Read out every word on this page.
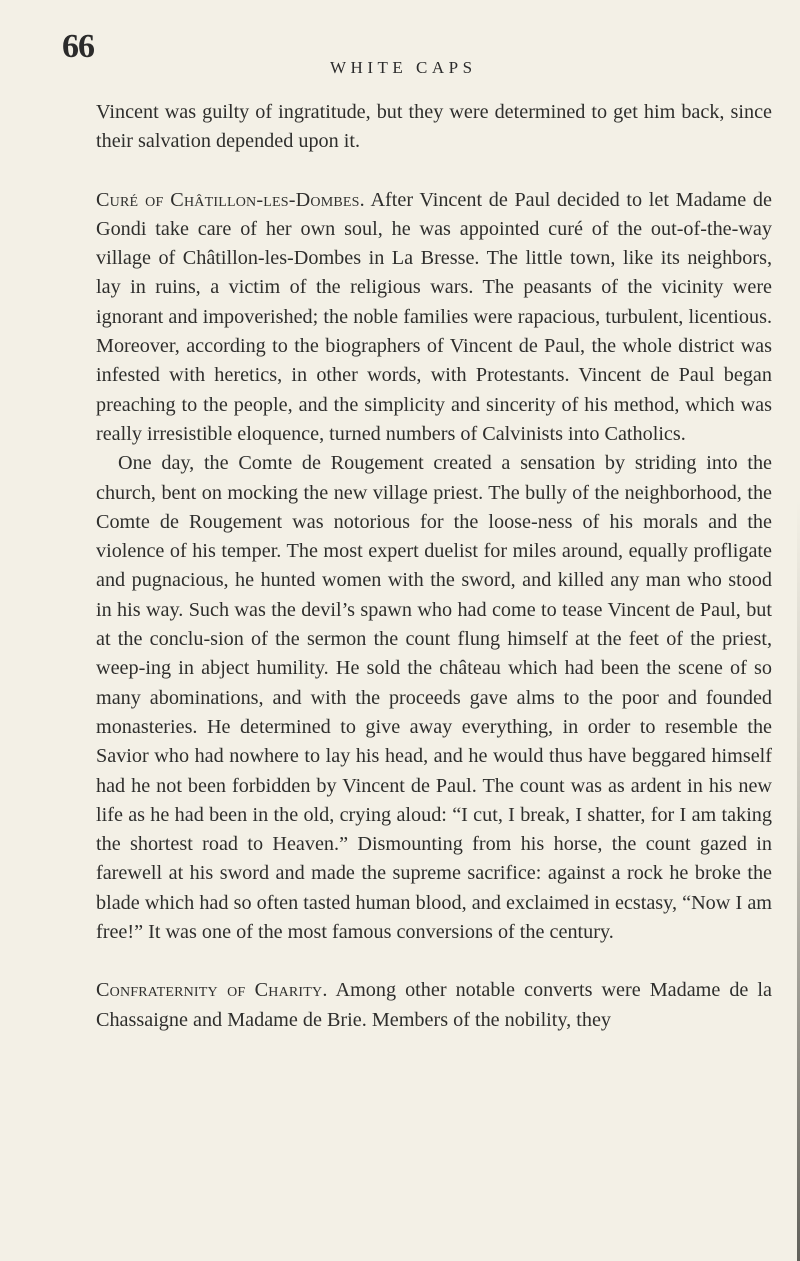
66
WHITE CAPS

Vincent was guilty of ingratitude, but they were determined to get him back, since their salvation depended upon it.

Curé of Châtillon-les-Dombes. After Vincent de Paul decided to let Madame de Gondi take care of her own soul, he was appointed curé of the out-of-the-way village of Châtillon-les-Dombes in La Bresse. The little town, like its neighbors, lay in ruins, a victim of the religious wars. The peasants of the vicinity were ignorant and impoverished; the noble families were rapacious, turbulent, licentious. Moreover, according to the biographers of Vincent de Paul, the whole district was infested with heretics, in other words, with Protestants. Vincent de Paul began preaching to the people, and the simplicity and sincerity of his method, which was really irresistible eloquence, turned numbers of Calvinists into Catholics.

One day, the Comte de Rougement created a sensation by striding into the church, bent on mocking the new village priest. The bully of the neighborhood, the Comte de Rougement was notorious for the loose-ness of his morals and the violence of his temper. The most expert duelist for miles around, equally profligate and pugnacious, he hunted women with the sword, and killed any man who stood in his way. Such was the devil’s spawn who had come to tease Vincent de Paul, but at the conclu-sion of the sermon the count flung himself at the feet of the priest, weep-ing in abject humility. He sold the château which had been the scene of so many abominations, and with the proceeds gave alms to the poor and founded monasteries. He determined to give away everything, in order to resemble the Savior who had nowhere to lay his head, and he would thus have beggared himself had he not been forbidden by Vincent de Paul. The count was as ardent in his new life as he had been in the old, crying aloud: “I cut, I break, I shatter, for I am taking the shortest road to Heaven.” Dismounting from his horse, the count gazed in farewell at his sword and made the supreme sacrifice: against a rock he broke the blade which had so often tasted human blood, and exclaimed in ecstasy, “Now I am free!” It was one of the most famous conversions of the century.

Confraternity of Charity. Among other notable converts were Madame de la Chassaigne and Madame de Brie. Members of the nobility, they
